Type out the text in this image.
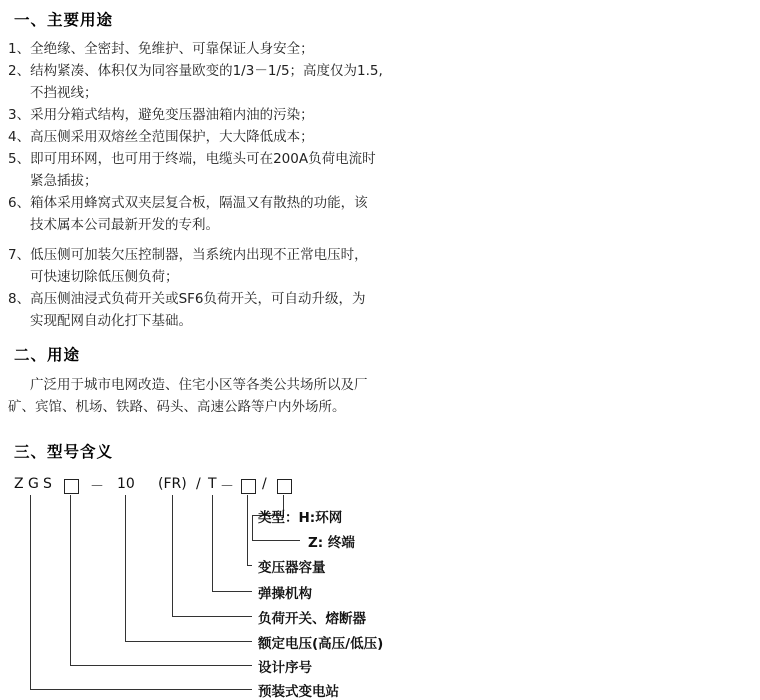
一、主要用途
1、全绝缘、全密封、免维护、可靠保证人身安全；
2、结构紧凑、体积仅为同容量欧变的1/3－1/5；高度仅为1.5,
不挡视线；
3、采用分箱式结构，避免变压器油箱内油的污染；
4、高压侧采用双熔丝全范围保护，大大降低成本；
5、即可用环网，也可用于终端，电缆头可在200A负荷电流时
紧急插拔；
6、箱体采用蜂窝式双夹层复合板，隔温又有散热的功能，该
技术属本公司最新开发的专利。
7、低压侧可加装欠压控制器，当系统内出现不正常电压时，
可快速切除低压侧负荷；
8、高压侧油浸式负荷开关或SF6负荷开关，可自动升级，为
实现配网自动化打下基础。
二、用途
广泛用于城市电网改造、住宅小区等各类公共场所以及厂
矿、宾馆、机场、铁路、码头、高速公路等户内外场所。
三、型号含义
Z G S	－ 10 (FR) / T － /
类型：H:环网
Z: 终端
变压器容量
弹操机构
负荷开关、熔断器
额定电压(高压/低压)
设计序号
预装式变电站
